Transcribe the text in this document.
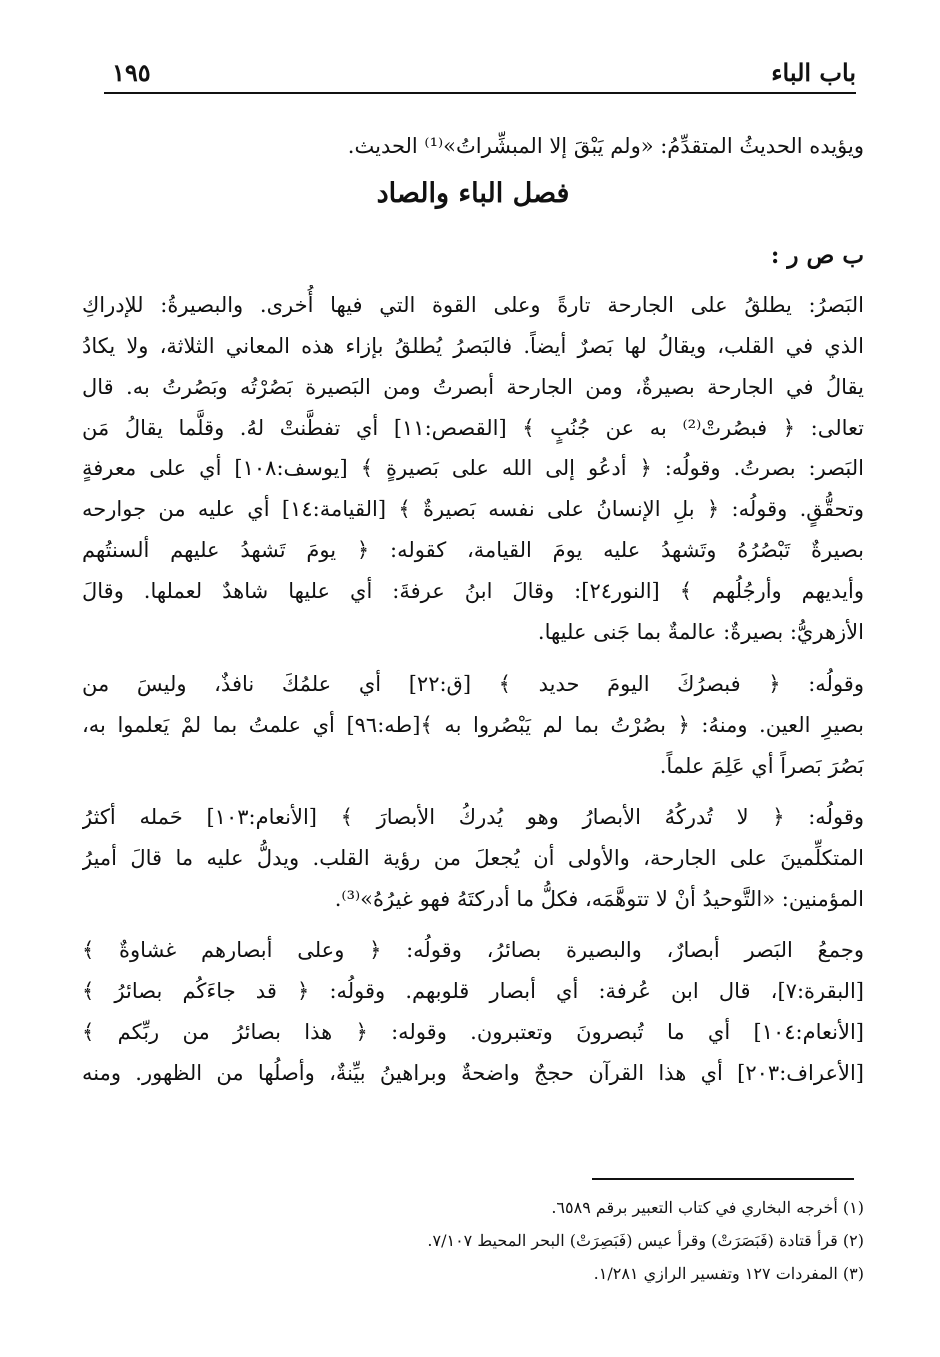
باب الباء
١٩٥
ويؤيده الحديثُ المتقدِّمُ: «ولم يَبْقَ إلا المبشِّراتُ»⁽¹⁾ الحديث.
فصل الباء والصاد
ب ص ر :
البَصرُ: يطلقُ على الجارحة تارةً وعلى القوة التي فيها أُخرى. والبصيرةُ: للإدراكِ
الذي في القلب، ويقالُ لها بَصرٌ أيضاً. فالبَصرُ يُطلقُ بإزاء هذه المعاني الثلاثة، ولا يكادُ
يقالُ في الجارحة بصيرةٌ، ومن الجارحة أبصرتُ ومن البَصيرة بَصُرْتُه وبَصُرتُ به. قال
تعالى: ﴿ فبصُرتْ⁽²⁾ به عن جُنُبٍ ﴾ [القصص:١١] أي تفطَّنتْ لهُ. وقلَّما يقالُ مَن
البَصر: بصرتُ. وقولُه: ﴿ أدعُو إلى الله على بَصيرةٍ ﴾ [يوسف:١٠٨] أي على معرفةٍ
وتحقُّقٍ. وقولُه: ﴿ بلِ الإنسانُ على نفسه بَصيرةٌ ﴾ [القيامة:١٤] أي عليه من جوارحه
بصيرةٌ تَبْصُرُهُ وتَشهدُ عليه يومَ القيامة، كقوله: ﴿ يومَ تَشهدُ عليهم ألسنتُهم
وأيديهم وأرجُلُهم ﴾ [النور٢٤]: وقالَ ابنُ عرفةَ: أي عليها شاهدٌ لعملها. وقالَ
الأزهريُّ: بصيرةٌ: عالمةٌ بما جَنى عليها.
وقولُه: ﴿ فبصرُكَ اليومَ حديد ﴾ [ق:٢٢] أي علمُكَ نافذٌ، وليسَ من
بصيرِ العين. ومنهُ: ﴿ بصُرْتُ بما لم يَبْصُروا به ﴾[طه:٩٦] أي علمتُ بما لمْ يَعلموا به،
بَصُرَ بَصراً أي عَلِمَ علماً.
وقولُه: ﴿ لا تُدركُهُ الأبصارُ وهو يُدركُ الأبصارَ ﴾ [الأنعام:١٠٣] حَمله أكثرُ
المتكلِّمينَ على الجارحة، والأولى أن يُجعلَ من رؤية القلب. ويدلُّ عليه ما قالَ أميرُ
المؤمنين: «التَّوحيدُ أنْ لا تتوهَّمَه، فكلُّ ما أدركتَهُ فهو غيرُهُ»⁽³⁾.
وجمعُ البَصر أبصارٌ، والبصيرة بصائرُ، وقولُه: ﴿ وعلى أبصارهم غشاوةٌ ﴾
[البقرة:٧]، قال ابن عُرفة: أي أبصار قلوبهم. وقولُه: ﴿ قد جاءَكُم بصائرُ ﴾
[الأنعام:١٠٤] أي ما تُبصرونَ وتعتبرون. وقوله: ﴿ هذا بصائرُ من ربِّكم ﴾
[الأعراف:٢٠٣] أي هذا القرآن حججٌ واضحةٌ وبراهينُ بيِّنةٌ، وأصلُها من الظهور. ومنه
(١) أخرجه البخاري في كتاب التعبير برقم ٦٥٨٩.
(٢) قرأ قتادة (فَبَصَرَتْ) وقرأ عيس (فَبَصِرَتْ) البحر المحيط ٧/١٠٧.
(٣) المفردات ١٢٧ وتفسير الرازي ١/٢٨١.
